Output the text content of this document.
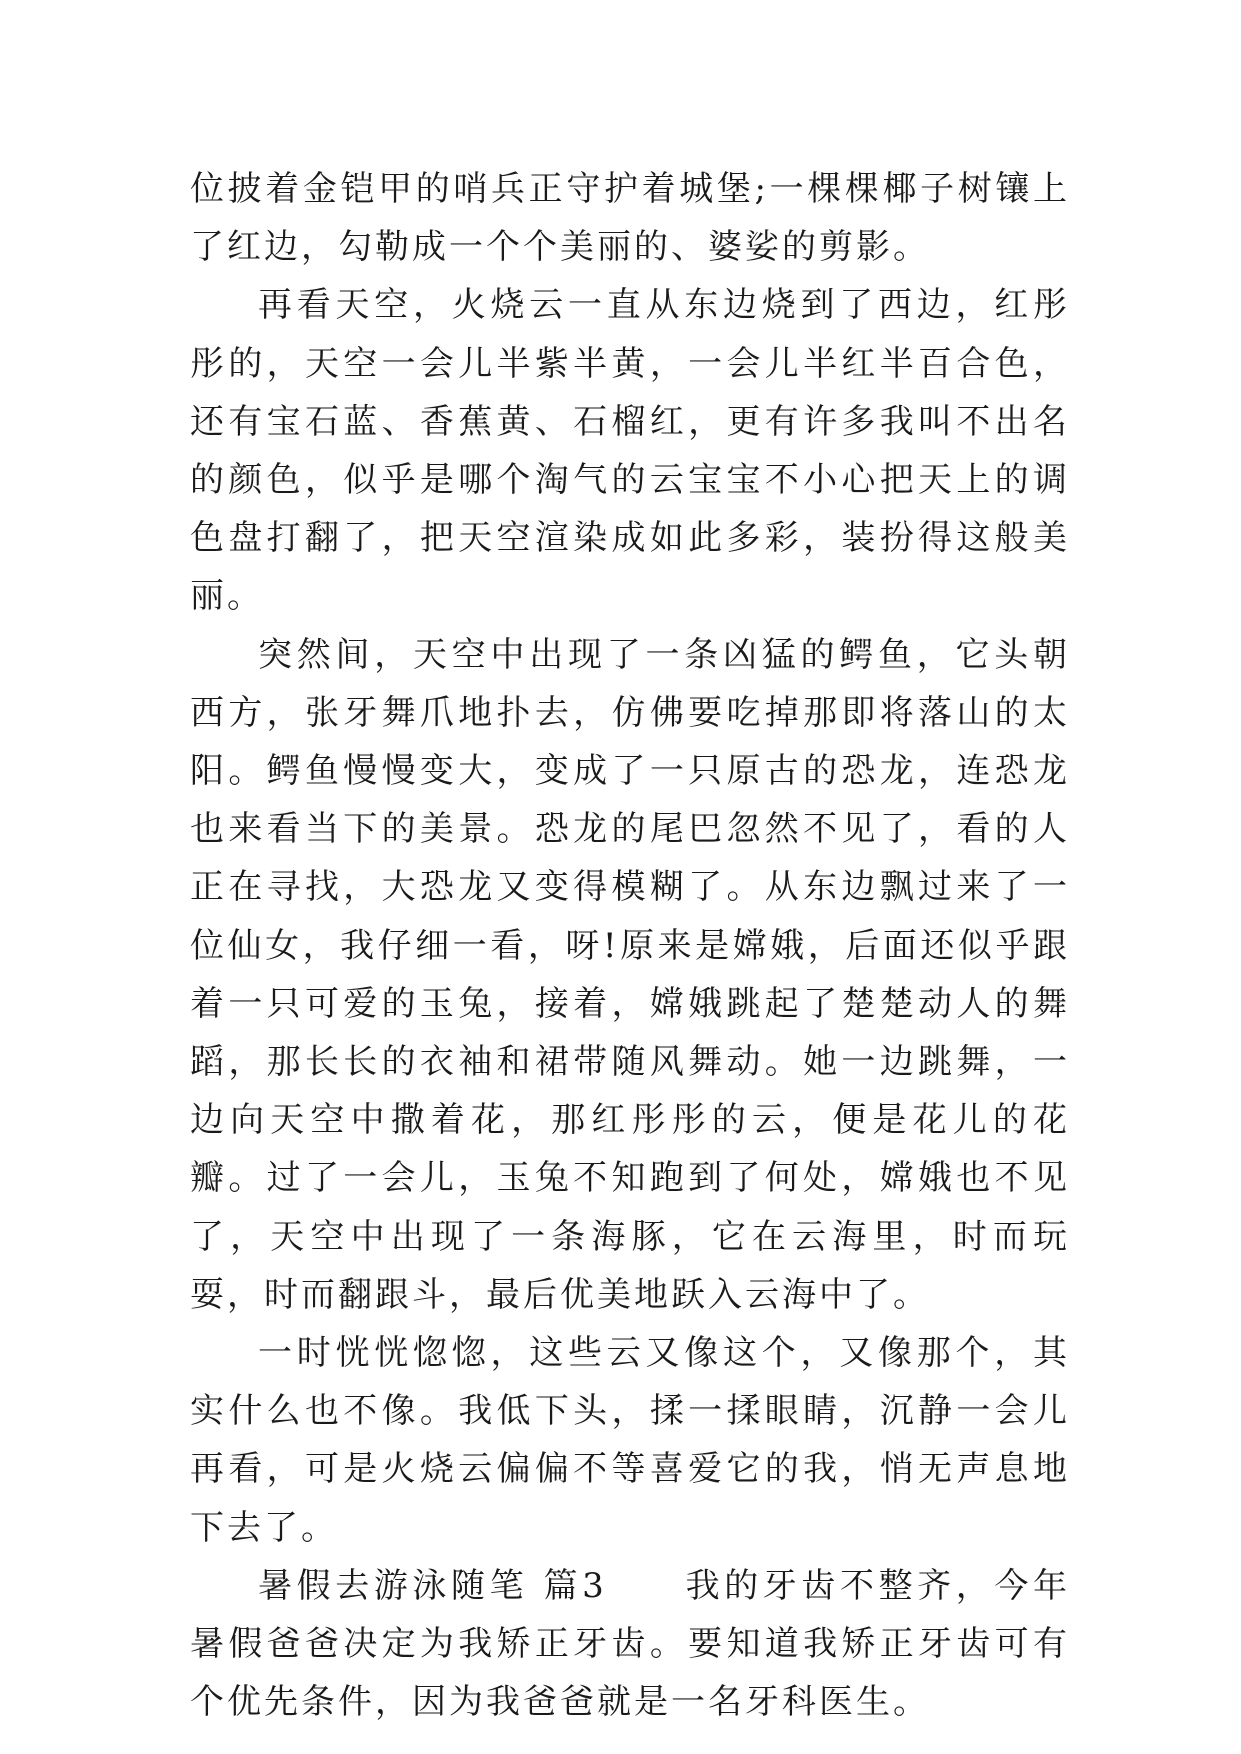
位披着金铠甲的哨兵正守护着城堡;一棵棵椰子树镶上了红边，勾勒成一个个美丽的、婆娑的剪影。

再看天空，火烧云一直从东边烧到了西边，红彤彤的，天空一会儿半紫半黄，一会儿半红半百合色，还有宝石蓝、香蕉黄、石榴红，更有许多我叫不出名的颜色，似乎是哪个淘气的云宝宝不小心把天上的调色盘打翻了，把天空渲染成如此多彩，装扮得这般美丽。

突然间，天空中出现了一条凶猛的鳄鱼，它头朝西方，张牙舞爪地扑去，仿佛要吃掉那即将落山的太阳。鳄鱼慢慢变大，变成了一只原古的恐龙，连恐龙也来看当下的美景。恐龙的尾巴忽然不见了，看的人正在寻找，大恐龙又变得模糊了。从东边飘过来了一位仙女，我仔细一看，呀!原来是嫦娥，后面还似乎跟着一只可爱的玉兔，接着，嫦娥跳起了楚楚动人的舞蹈，那长长的衣袖和裙带随风舞动。她一边跳舞，一边向天空中撒着花，那红彤彤的云，便是花儿的花瓣。过了一会儿，玉兔不知跑到了何处，嫦娥也不见了，天空中出现了一条海豚，它在云海里，时而玩耍，时而翻跟斗，最后优美地跃入云海中了。

一时恍恍惚惚，这些云又像这个，又像那个，其实什么也不像。我低下头，揉一揉眼睛，沉静一会儿再看，可是火烧云偏偏不等喜爱它的我，悄无声息地下去了。

暑假去游泳随笔 篇3　　我的牙齿不整齐，今年暑假爸爸决定为我矫正牙齿。要知道我矫正牙齿可有个优先条件，因为我爸爸就是一名牙科医生。
